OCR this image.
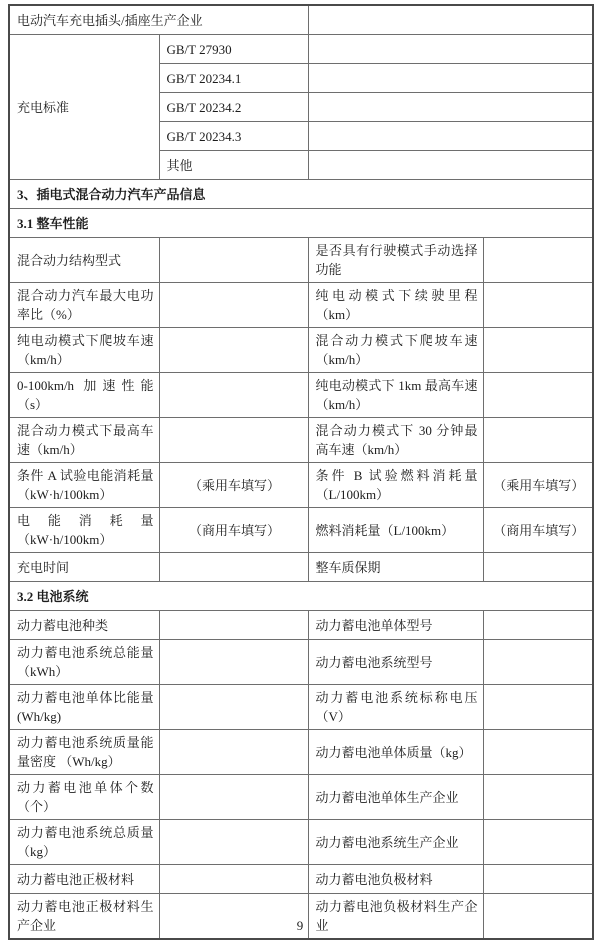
电动汽车充电插头/插座生产企业			
充电标准	GB/T 27930		
	GB/T 20234.1		
	GB/T 20234.2		
	GB/T 20234.3		
	其他		
3、插电式混合动力汽车产品信息			
3.1 整车性能			
混合动力结构型式		是否具有行驶模式手动选择功能	
混合动力汽车最大电功率比（%）		纯电动模式下续驶里程（km）	
纯电动模式下爬坡车速（km/h）		混合动力模式下爬坡车速（km/h）	
0-100km/h 加速性能（s）		纯电动模式下 1km 最高车速（km/h）	
混合动力模式下最高车速（km/h）		混合动力模式下 30 分钟最高车速（km/h）	
条件 A 试验电能消耗量（kW·h/100km）	（乘用车填写）	条件 B 试验燃料消耗量（L/100km）	（乘用车填写）
电能消耗量（kW·h/100km）	（商用车填写）	燃料消耗量（L/100km）	（商用车填写）
充电时间		整车质保期	
3.2 电池系统			
动力蓄电池种类		动力蓄电池单体型号	
动力蓄电池系统总能量（kWh）		动力蓄电池系统型号	
动力蓄电池单体比能量(Wh/kg)		动力蓄电池系统标称电压（V）	
动力蓄电池系统质量能量密度 （Wh/kg）		动力蓄电池单体质量（kg）	
动力蓄电池单体个数（个）		动力蓄电池单体生产企业	
动力蓄电池系统总质量（kg）		动力蓄电池系统生产企业	
动力蓄电池正极材料		动力蓄电池负极材料	
动力蓄电池正极材料生产企业		动力蓄电池负极材料生产企业	
9
